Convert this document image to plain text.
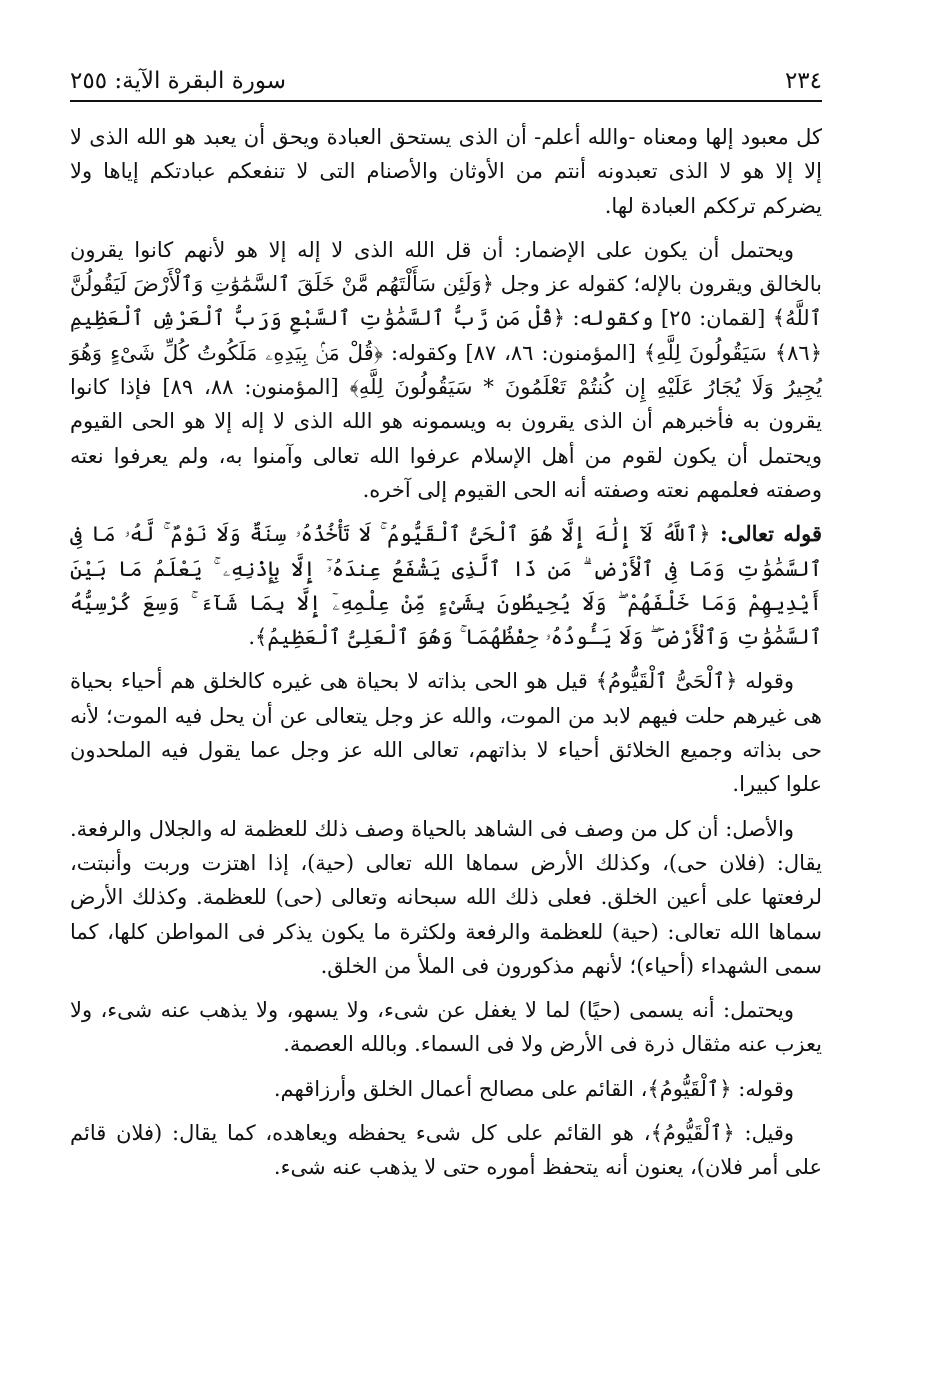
٢٣٤
سورة البقرة الآية: ٢٥٥

كل معبود إلها ومعناه -والله أعلم- أن الذى يستحق العبادة ويحق أن يعبد هو الله الذى لا إلا إلا هو لا الذى تعبدونه أنتم من الأوثان والأصنام التى لا تنفعكم عبادتكم إياها ولا يضركم ترككم العبادة لها.

ويحتمل أن يكون على الإضمار: أن قل الله الذى لا إله إلا هو لأنهم كانوا يقرون بالخالق ويقرون بالإله؛ كقوله عز وجل ﴿وَلَئِن سَأَلْتَهُم مَّنْ خَلَقَ ٱلسَّمَٰوَٰتِ وَٱلْأَرْضَ لَيَقُولُنَّ ٱللَّهُ﴾ [لقمان: ٢٥] وكقوله: ﴿قُلْ مَن رَّبُّ ٱلسَّمَٰوَٰتِ ٱلسَّبْعِ وَرَبُّ ٱلْعَرْشِ ٱلْعَظِيمِ ﴿٨٦﴾ سَيَقُولُونَ لِلَّهِ﴾ [المؤمنون: ٨٦، ٨٧] وكقوله: ﴿قُلْ مَنۢ بِيَدِهِۦ مَلَكُوتُ كُلِّ شَىْءٍ وَهُوَ يُجِيرُ وَلَا يُجَارُ عَلَيْهِ إِن كُنتُمْ تَعْلَمُونَ * سَيَقُولُونَ لِلَّهِ﴾ [المؤمنون: ٨٨، ٨٩] فإذا كانوا يقرون به فأخبرهم أن الذى يقرون به ويسمونه هو الله الذى لا إله إلا هو الحى القيوم ويحتمل أن يكون لقوم من أهل الإسلام عرفوا الله تعالى وآمنوا به، ولم يعرفوا نعته وصفته فعلمهم نعته وصفته أنه الحى القيوم إلى آخره.

قوله تعالى: ﴿ٱللَّهُ لَآ إِلَٰهَ إِلَّا هُوَ ٱلْحَىُّ ٱلْقَيُّومُ ۚ لَا تَأْخُذُهُۥ سِنَةٌ وَلَا نَوْمٌ ۚ لَّهُۥ مَا فِى ٱلسَّمَٰوَٰتِ وَمَا فِى ٱلْأَرْضِ ۗ مَن ذَا ٱلَّذِى يَشْفَعُ عِندَهُۥٓ إِلَّا بِإِذْنِهِۦ ۚ يَعْلَمُ مَا بَيْنَ أَيْدِيهِمْ وَمَا خَلْفَهُمْ ۖ وَلَا يُحِيطُونَ بِشَىْءٍ مِّنْ عِلْمِهِۦٓ إِلَّا بِمَا شَآءَ ۚ وَسِعَ كُرْسِيُّهُ ٱلسَّمَٰوَٰتِ وَٱلْأَرْضَ ۖ وَلَا يَـُٔودُهُۥ حِفْظُهُمَا ۚ وَهُوَ ٱلْعَلِىُّ ٱلْعَظِيمُ﴾.

وقوله ﴿ٱلْحَىُّ ٱلْقَيُّومُ﴾ قيل هو الحى بذاته لا بحياة هى غيره كالخلق هم أحياء بحياة هى غيرهم حلت فيهم لابد من الموت، والله عز وجل يتعالى عن أن يحل فيه الموت؛ لأنه حى بذاته وجميع الخلائق أحياء لا بذاتهم، تعالى الله عز وجل عما يقول فيه الملحدون علوا كبيرا.

والأصل: أن كل من وصف فى الشاهد بالحياة وصف ذلك للعظمة له والجلال والرفعة. يقال: (فلان حى)، وكذلك الأرض سماها الله تعالى (حية)، إذا اهتزت وربت وأنبتت، لرفعتها على أعين الخلق. فعلى ذلك الله سبحانه وتعالى (حى) للعظمة. وكذلك الأرض سماها الله تعالى: (حية) للعظمة والرفعة ولكثرة ما يكون يذكر فى المواطن كلها، كما سمى الشهداء (أحياء)؛ لأنهم مذكورون فى الملأ من الخلق.

ويحتمل: أنه يسمى (حيًا) لما لا يغفل عن شىء، ولا يسهو، ولا يذهب عنه شىء، ولا يعزب عنه مثقال ذرة فى الأرض ولا فى السماء. وبالله العصمة.

وقوله: ﴿ٱلْقَيُّومُ﴾، القائم على مصالح أعمال الخلق وأرزاقهم.

وقيل: ﴿ٱلْقَيُّومُ﴾، هو القائم على كل شىء يحفظه ويعاهده، كما يقال: (فلان قائم على أمر فلان)، يعنون أنه يتحفظ أموره حتى لا يذهب عنه شىء.
